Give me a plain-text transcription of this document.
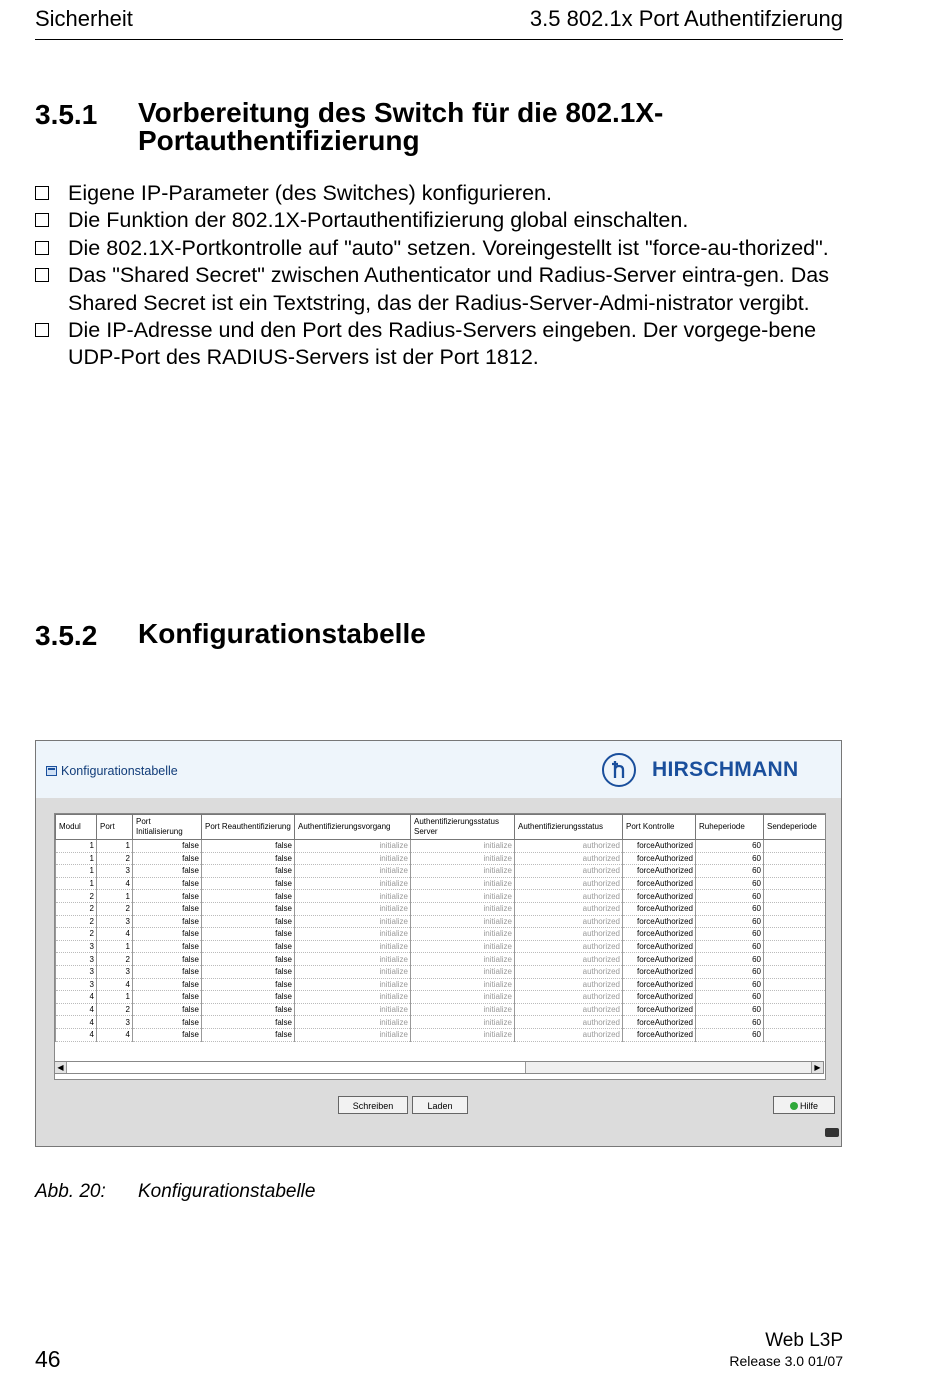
Sicherheit	3.5 802.1x Port Authentifzierung
3.5.1 Vorbereitung des Switch für die 802.1X-Portauthentifizierung
Eigene IP-Parameter (des Switches) konfigurieren.
Die Funktion der 802.1X-Portauthentifizierung global einschalten.
Die 802.1X-Portkontrolle auf "auto" setzen. Voreingestellt ist "force-au-thorized".
Das "Shared Secret" zwischen Authenticator und Radius-Server eintra-gen. Das Shared Secret ist ein Textstring, das der Radius-Server-Admi-nistrator vergibt.
Die IP-Adresse und den Port des Radius-Servers eingeben. Der vorgege-bene UDP-Port des RADIUS-Servers ist der Port 1812.
3.5.2 Konfigurationstabelle
Konfigurationstabelle	HIRSCHMANN
Modul	Port	Port Initialisierung	Port Reauthentifizierung	Authentifizierungsvorgang	Authentifizierungsstatus Server	Authentifizierungsstatus	Port Kontrolle	Ruheperiode	Sendeperiode
1	1	false	false	initialize	initialize	authorized	forceAuthorized	60	
1	2	false	false	initialize	initialize	authorized	forceAuthorized	60	
1	3	false	false	initialize	initialize	authorized	forceAuthorized	60	
1	4	false	false	initialize	initialize	authorized	forceAuthorized	60	
2	1	false	false	initialize	initialize	authorized	forceAuthorized	60	
2	2	false	false	initialize	initialize	authorized	forceAuthorized	60	
2	3	false	false	initialize	initialize	authorized	forceAuthorized	60	
2	4	false	false	initialize	initialize	authorized	forceAuthorized	60	
3	1	false	false	initialize	initialize	authorized	forceAuthorized	60	
3	2	false	false	initialize	initialize	authorized	forceAuthorized	60	
3	3	false	false	initialize	initialize	authorized	forceAuthorized	60	
3	4	false	false	initialize	initialize	authorized	forceAuthorized	60	
4	1	false	false	initialize	initialize	authorized	forceAuthorized	60	
4	2	false	false	initialize	initialize	authorized	forceAuthorized	60	
4	3	false	false	initialize	initialize	authorized	forceAuthorized	60	
4	4	false	false	initialize	initialize	authorized	forceAuthorized	60	
◀	▶
Schreiben	Laden	Hilfe
Abb. 20: Konfigurationstabelle
46
Web L3P
Release 3.0 01/07
